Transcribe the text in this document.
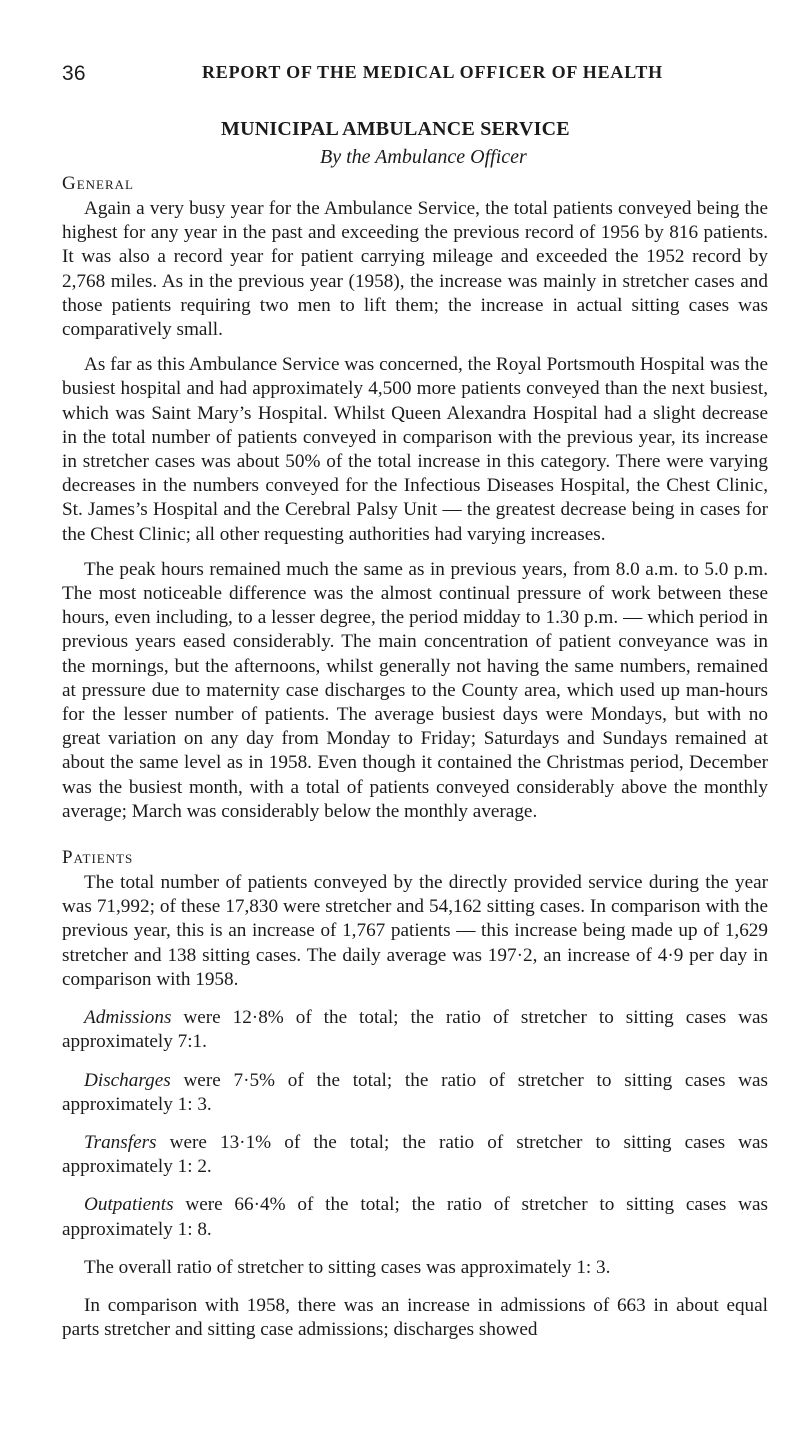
36	REPORT OF THE MEDICAL OFFICER OF HEALTH
MUNICIPAL AMBULANCE SERVICE
By the Ambulance Officer
General

Again a very busy year for the Ambulance Service, the total patients conveyed being the highest for any year in the past and exceeding the previous record of 1956 by 816 patients. It was also a record year for patient carrying mileage and exceeded the 1952 record by 2,768 miles. As in the previous year (1958), the increase was mainly in stretcher cases and those patients requiring two men to lift them; the increase in actual sitting cases was comparatively small.

As far as this Ambulance Service was concerned, the Royal Portsmouth Hospital was the busiest hospital and had approximately 4,500 more patients conveyed than the next busiest, which was Saint Mary’s Hospital. Whilst Queen Alexandra Hospital had a slight decrease in the total number of patients conveyed in comparison with the previous year, its increase in stretcher cases was about 50% of the total increase in this category. There were varying decreases in the numbers conveyed for the Infectious Diseases Hospital, the Chest Clinic, St. James’s Hospital and the Cerebral Palsy Unit — the greatest decrease being in cases for the Chest Clinic; all other requesting authorities had varying increases.

The peak hours remained much the same as in previous years, from 8.0 a.m. to 5.0 p.m. The most noticeable difference was the almost continual pressure of work between these hours, even including, to a lesser degree, the period midday to 1.30 p.m. — which period in previous years eased considerably. The main concentration of patient conveyance was in the mornings, but the afternoons, whilst generally not having the same numbers, remained at pressure due to maternity case discharges to the County area, which used up man-hours for the lesser number of patients. The average busiest days were Mondays, but with no great variation on any day from Monday to Friday; Saturdays and Sundays remained at about the same level as in 1958. Even though it contained the Christmas period, December was the busiest month, with a total of patients conveyed considerably above the monthly average; March was considerably below the monthly average.

Patients

The total number of patients conveyed by the directly provided service during the year was 71,992; of these 17,830 were stretcher and 54,162 sitting cases. In comparison with the previous year, this is an increase of 1,767 patients — this increase being made up of 1,629 stretcher and 138 sitting cases. The daily average was 197·2, an increase of 4·9 per day in comparison with 1958.

Admissions were 12·8% of the total; the ratio of stretcher to sitting cases was approximately 7:1.

Discharges were 7·5% of the total; the ratio of stretcher to sitting cases was approximately 1: 3.

Transfers were 13·1% of the total; the ratio of stretcher to sitting cases was approximately 1: 2.

Outpatients were 66·4% of the total; the ratio of stretcher to sitting cases was approximately 1: 8.

The overall ratio of stretcher to sitting cases was approximately 1: 3.

In comparison with 1958, there was an increase in admissions of 663 in about equal parts stretcher and sitting case admissions; discharges showed
